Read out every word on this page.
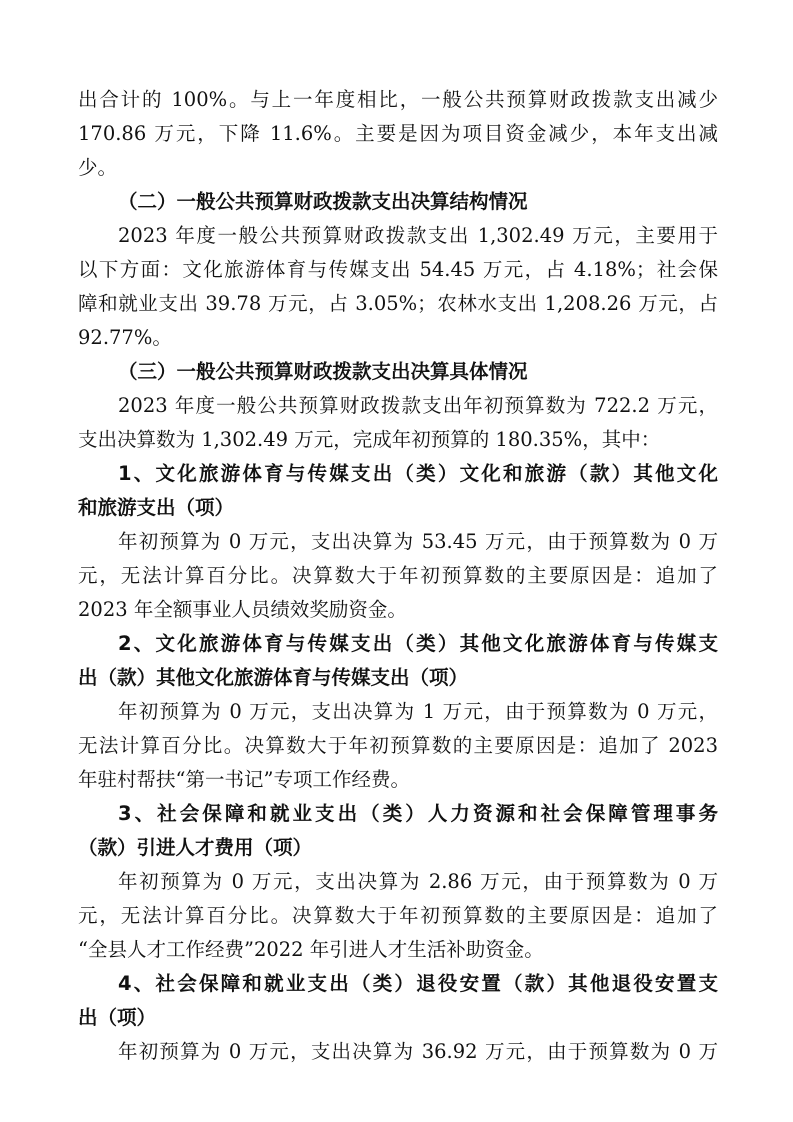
出合计的 100%。与上一年度相比，一般公共预算财政拨款支出减少
170.86 万元，下降 11.6%。主要是因为项目资金减少，本年支出减
少。
（二）一般公共预算财政拨款支出决算结构情况
2023 年度一般公共预算财政拨款支出 1,302.49 万元，主要用于
以下方面：文化旅游体育与传媒支出 54.45 万元，占 4.18%；社会保
障和就业支出 39.78 万元，占 3.05%；农林水支出 1,208.26 万元，占
92.77%。
（三）一般公共预算财政拨款支出决算具体情况
2023 年度一般公共预算财政拨款支出年初预算数为 722.2 万元，
支出决算数为 1,302.49 万元，完成年初预算的 180.35%，其中：
1、文化旅游体育与传媒支出（类）文化和旅游（款）其他文化
和旅游支出（项）
年初预算为 0 万元，支出决算为 53.45 万元，由于预算数为 0 万
元，无法计算百分比。决算数大于年初预算数的主要原因是：追加了
2023 年全额事业人员绩效奖励资金。
2、文化旅游体育与传媒支出（类）其他文化旅游体育与传媒支
出（款）其他文化旅游体育与传媒支出（项）
年初预算为 0 万元，支出决算为 1 万元，由于预算数为 0 万元，
无法计算百分比。决算数大于年初预算数的主要原因是：追加了 2023
年驻村帮扶“第一书记”专项工作经费。
3、社会保障和就业支出（类）人力资源和社会保障管理事务
（款）引进人才费用（项）
年初预算为 0 万元，支出决算为 2.86 万元，由于预算数为 0 万
元，无法计算百分比。决算数大于年初预算数的主要原因是：追加了
“全县人才工作经费”2022 年引进人才生活补助资金。
4、社会保障和就业支出（类）退役安置（款）其他退役安置支
出（项）
年初预算为 0 万元，支出决算为 36.92 万元，由于预算数为 0 万
